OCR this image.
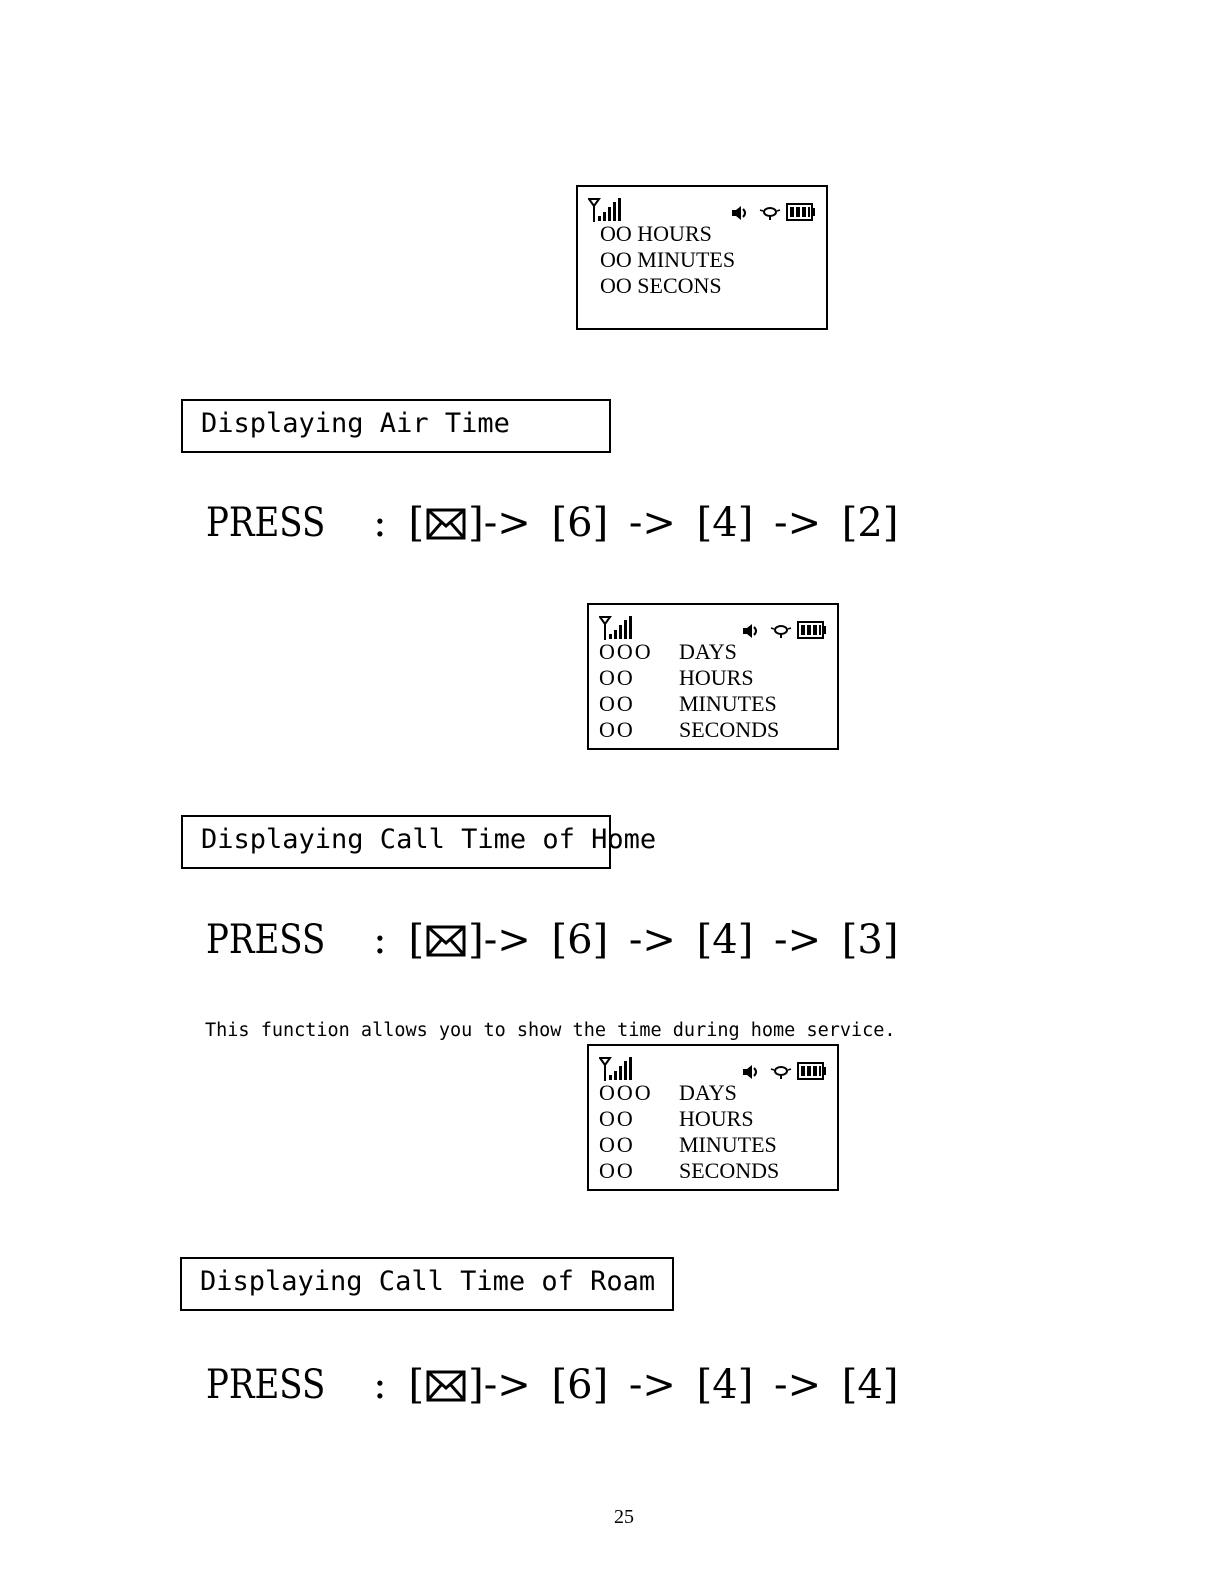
OO HOURS
OO MINUTES
OO SECONS
Displaying Air Time
PRESS : [ ]-> [6] -> [4] -> [2]

OOO DAYS
OO HOURS
OO MINUTES
OO SECONDS
Displaying Call Time of Home
PRESS : [ ]-> [6] -> [4] -> [3]
This function allows you to show the time during home service.

OOO DAYS
OO HOURS
OO MINUTES
OO SECONDS
Displaying Call Time of Roam
PRESS : [ ]-> [6] -> [4] -> [4]
25
